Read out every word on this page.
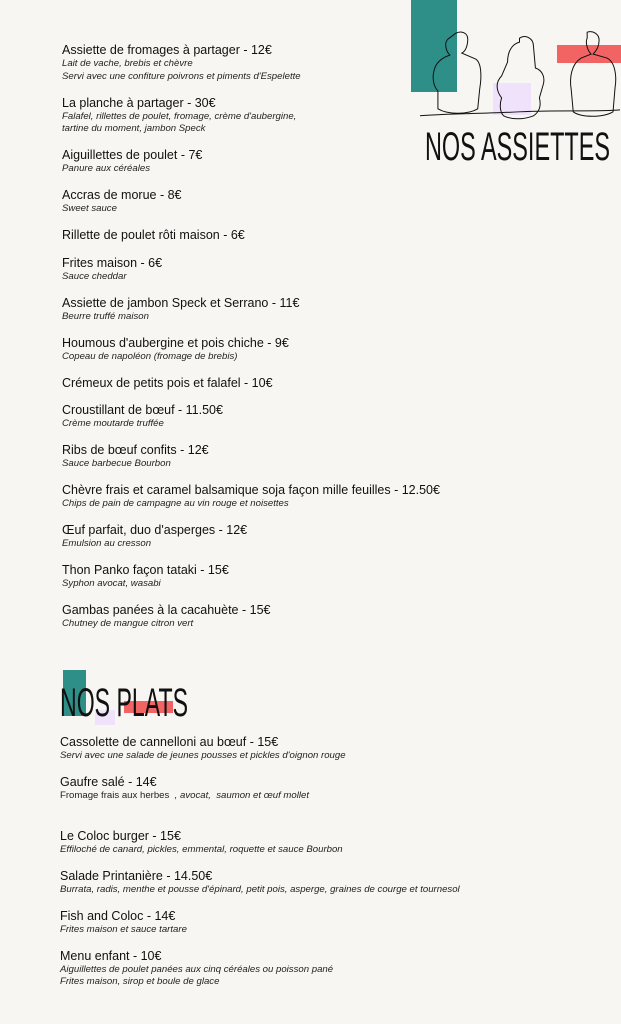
NOS ASSIETTES
Assiette de fromages à partager - 12€
Lait de vache, brebis et chèvre
Servi avec une confiture poivrons et piments d'Espelette
La planche à partager - 30€
Falafel, rillettes de poulet, fromage, crème d'aubergine,
tartine du moment, jambon Speck
Aiguillettes de poulet - 7€
Panure aux céréales
Accras de morue - 8€
Sweet sauce
Rillette de poulet rôti maison - 6€
Frites maison - 6€
Sauce cheddar
Assiette de jambon Speck et Serrano - 11€
Beurre truffé maison
Houmous d'aubergine et pois chiche - 9€
Copeau de napoléon (fromage de brebis)
Crémeux de petits pois et falafel - 10€
Croustillant de bœuf - 11.50€
Crème moutarde truffée
Ribs de bœuf confits - 12€
Sauce barbecue Bourbon
Chèvre frais et caramel balsamique soja façon mille feuilles - 12.50€
Chips de pain de campagne au vin rouge et noisettes
Œuf parfait, duo d'asperges - 12€
Emulsion au cresson
Thon Panko façon tataki - 15€
Syphon avocat, wasabi
Gambas panées à la cacahuète - 15€
Chutney de mangue citron vert
NOS PLATS
Cassolette de cannelloni au bœuf - 15€
Servi avec une salade de jeunes pousses et pickles d'oignon rouge
Gaufre salé - 14€
Fromage frais aux herbes  , avocat,  saumon et œuf mollet
Le Coloc burger - 15€
Effiloché de canard, pickles, emmental, roquette et sauce Bourbon
Salade Printanière - 14.50€
Burrata, radis, menthe et pousse d'épinard, petit pois, asperge, graines de courge et tournesol
Fish and Coloc - 14€
Frites maison et sauce tartare
Menu enfant - 10€
Aiguillettes de poulet panées aux cinq céréales ou poisson pané
Frites maison, sirop et boule de glace
